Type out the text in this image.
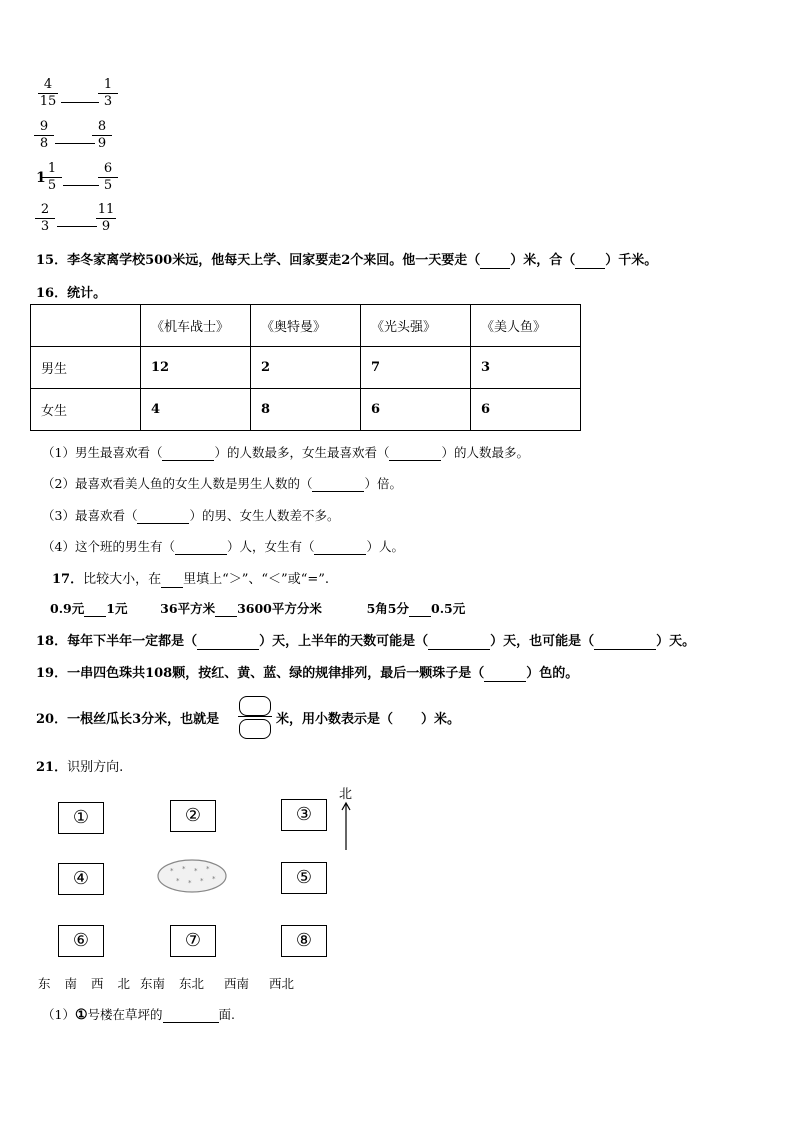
1
4
15
1
3
9
8
8
9
1
5
6
5
2
3
11
9
15．李冬家离学校500米远，他每天上学、回家要走2个来回。他一天要走（ ）米，合（ ）千米。
16．统计。
	《机车战士》	《奥特曼》	《光头强》	《美人鱼》
男生	12	2	7	3
女生	4	8	6	6
（1）男生最喜欢看（	）的人数最多，女生最喜欢看（	）的人数最多。
（2）最喜欢看美人鱼的女生人数是男生人数的（	）倍。
（3）最喜欢看（	）的男、女生人数差不多。
（4）这个班的男生有（	）人，女生有（	）人。
17．比较大小，在 里填上“＞”、“＜”或“=”.
0.9元 1元	36平方米 3600平方分米	5角5分 0.5元
18．每年下半年一定都是（	）天，上半年的天数可能是（	）天，也可能是（	）天。
19．一串四色珠共108颗，按红、黄、蓝、绿的规律排列，最后一颗珠子是（	）色的。
20．一根丝瓜长3分米，也就是	米，用小数表示是（ ）米。
21．识别方向.
①	②	③
④	⑤
⑥	⑦	⑧
* * * *
* * * *
北
东 南 西 北 东南 东北 西南 西北
（1）①号楼在草坪的	面.
